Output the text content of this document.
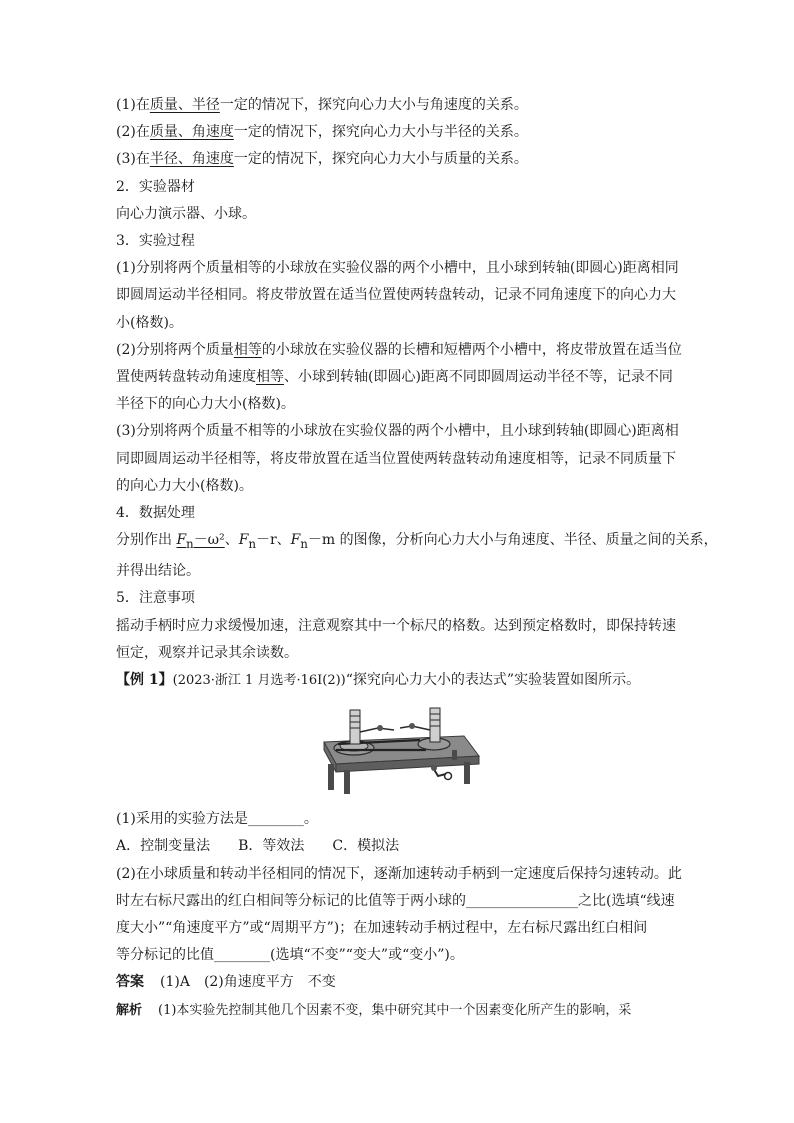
(1)在质量、半径一定的情况下，探究向心力大小与角速度的关系。
(2)在质量、角速度一定的情况下，探究向心力大小与半径的关系。
(3)在半径、角速度一定的情况下，探究向心力大小与质量的关系。
2．实验器材
向心力演示器、小球。
3．实验过程
(1)分别将两个质量相等的小球放在实验仪器的两个小槽中，且小球到转轴(即圆心)距离相同
即圆周运动半径相同。将皮带放置在适当位置使两转盘转动，记录不同角速度下的向心力大
小(格数)。
(2)分别将两个质量相等的小球放在实验仪器的长槽和短槽两个小槽中，将皮带放置在适当位
置使两转盘转动角速度相等、小球到转轴(即圆心)距离不同即圆周运动半径不等，记录不同
半径下的向心力大小(格数)。
(3)分别将两个质量不相等的小球放在实验仪器的两个小槽中，且小球到转轴(即圆心)距离相
同即圆周运动半径相等，将皮带放置在适当位置使两转盘转动角速度相等，记录不同质量下
的向心力大小(格数)。
4．数据处理
分别作出 $F_n-\omega^2$、$F_n-r$、$F_n-m$ 的图像，分析向心力大小与角速度、半径、质量之间的关系，
并得出结论。
5．注意事项
摇动手柄时应力求缓慢加速，注意观察其中一个标尺的格数。达到预定格数时，即保持转速
恒定，观察并记录其余读数。
【例 1】(2023·浙江 1 月选考·16Ⅰ(2))“探究向心力大小的表达式”实验装置如图所示。
(1)采用的实验方法是________。
A．控制变量法　　B．等效法　　C．模拟法
(2)在小球质量和转动半径相同的情况下，逐渐加速转动手柄到一定速度后保持匀速转动。此
时左右标尺露出的红白相间等分标记的比值等于两小球的________________之比(选填“线速
度大小”“角速度平方”或“周期平方”)；在加速转动手柄过程中，左右标尺露出红白相间
等分标记的比值________(选填“不变”“变大”或“变小”)。
答案 (1)A　(2)角速度平方　不变
解析 (1)本实验先控制其他几个因素不变，集中研究其中一个因素变化所产生的影响，采
